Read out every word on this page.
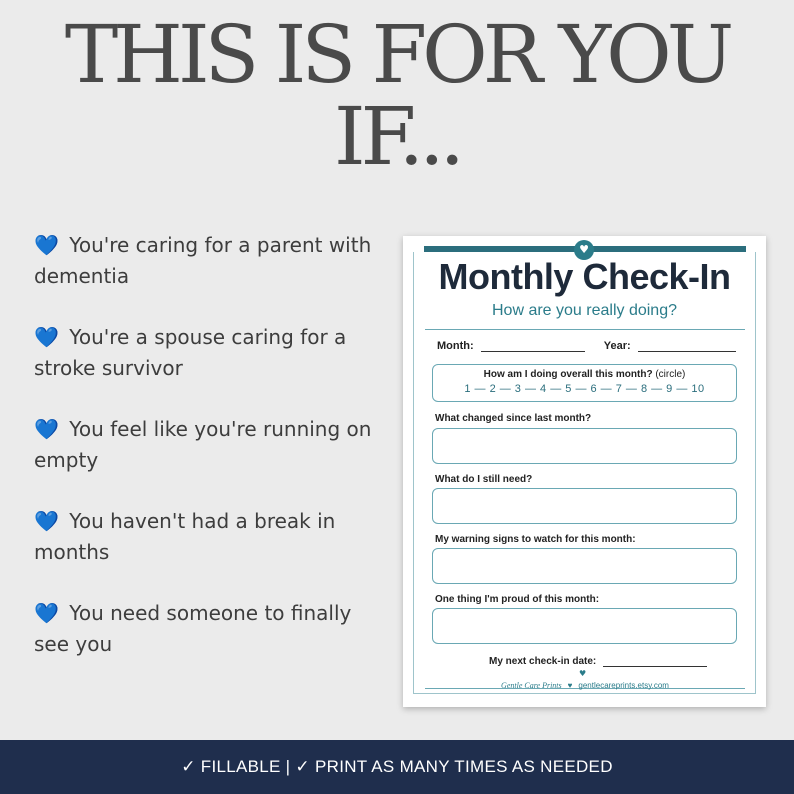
THIS IS FOR YOU
IF...
💙 You're caring for a parent with dementia
💙 You're a spouse caring for a stroke survivor
💙 You feel like you're running on empty
💙 You haven't had a break in months
💙 You need someone to finally see you
♥
Monthly Check-In
How are you really doing?
Month:	Year:
How am I doing overall this month? (circle)
1 — 2 — 3 — 4 — 5 — 6 — 7 — 8 — 9 — 10
What changed since last month?
What do I still need?
My warning signs to watch for this month:
One thing I'm proud of this month:
My next check-in date:
♥
Gentle Care Prints ♥ gentlecareprints.etsy.com
✓ FILLABLE | ✓ PRINT AS MANY TIMES AS NEEDED
